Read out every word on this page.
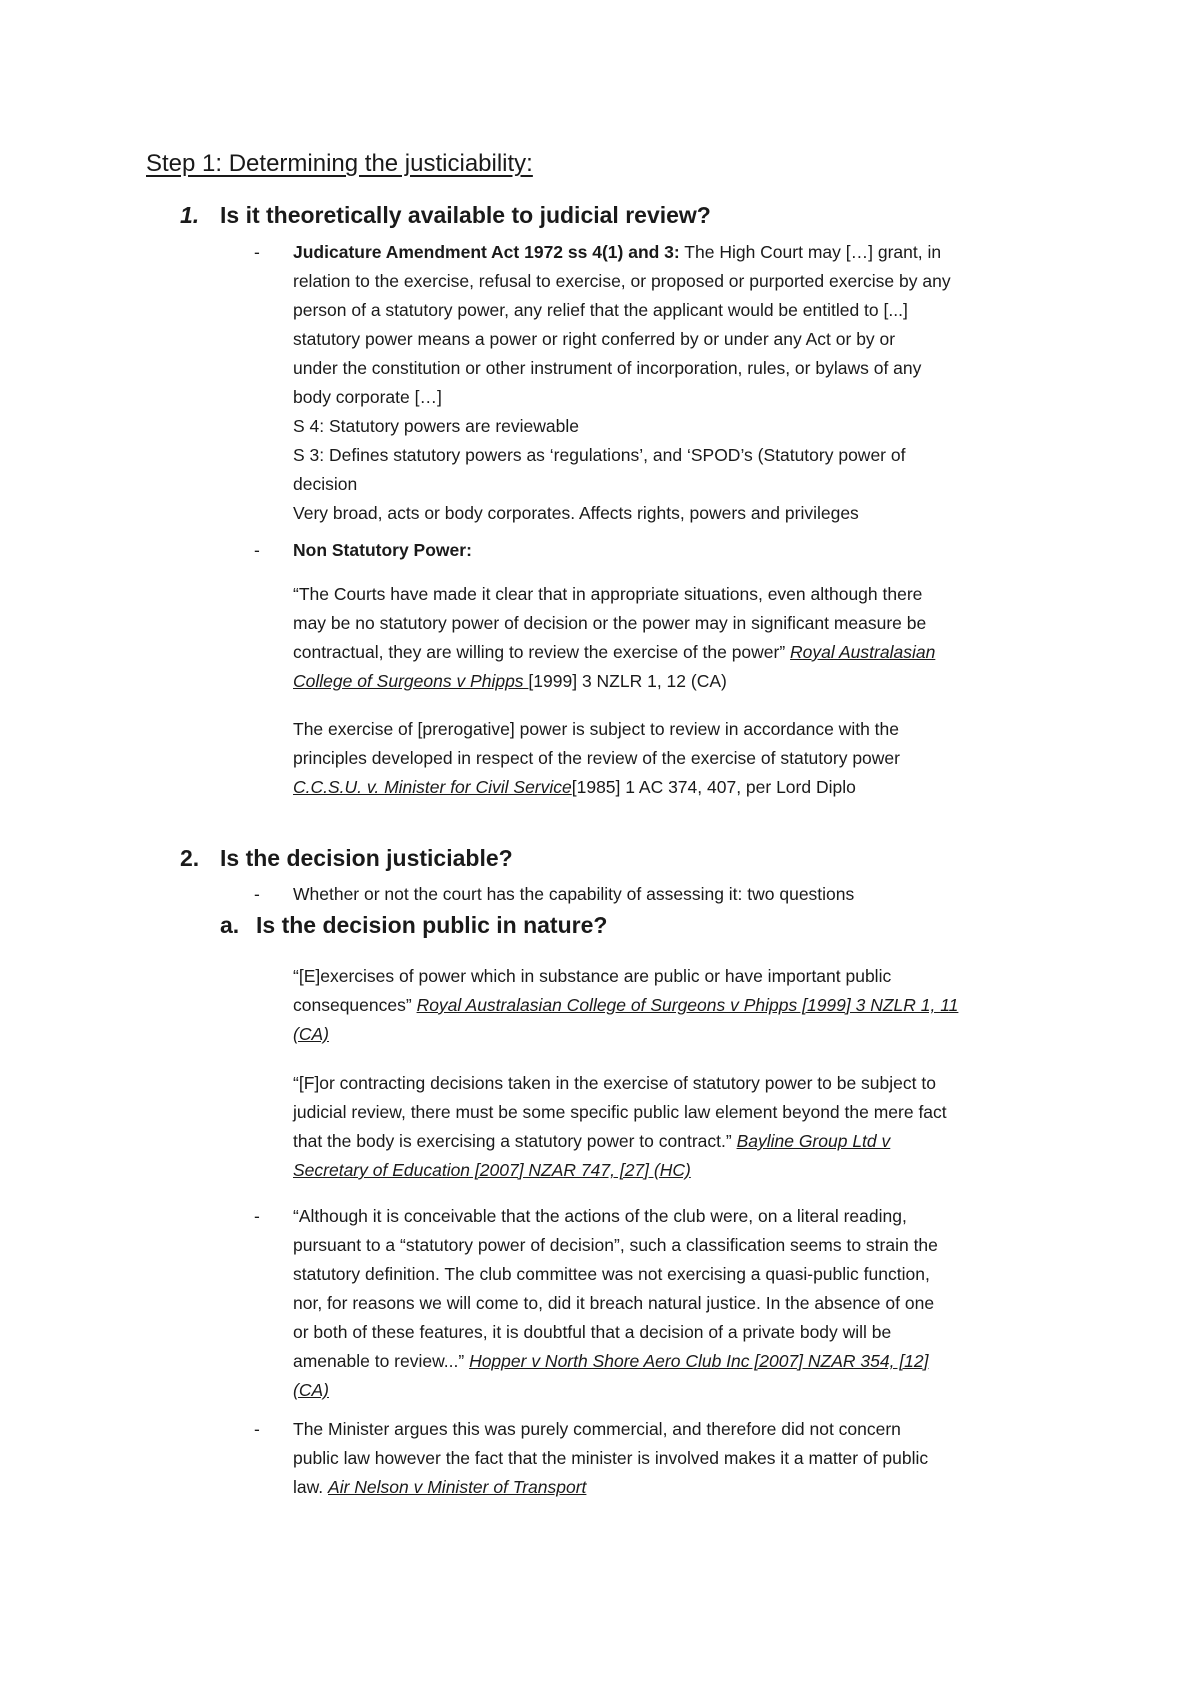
Step 1: Determining the justiciability:
1. Is it theoretically available to judicial review?
- Judicature Amendment Act 1972 ss 4(1) and 3: The High Court may […] grant, in
relation to the exercise, refusal to exercise, or proposed or purported exercise by any
person of a statutory power, any relief that the applicant would be entitled to [...]
statutory power means a power or right conferred by or under any Act or by or
under the constitution or other instrument of incorporation, rules, or bylaws of any
body corporate […]
S 4: Statutory powers are reviewable
S 3: Defines statutory powers as ‘regulations’, and ‘SPOD’s (Statutory power of
decision
Very broad, acts or body corporates. Affects rights, powers and privileges
- Non Statutory Power:
“The Courts have made it clear that in appropriate situations, even although there
may be no statutory power of decision or the power may in significant measure be
contractual, they are willing to review the exercise of the power” Royal Australasian
College of Surgeons v Phipps [1999] 3 NZLR 1, 12 (CA)
The exercise of [prerogative] power is subject to review in accordance with the
principles developed in respect of the review of the exercise of statutory power
C.C.S.U. v. Minister for Civil Service[1985] 1 AC 374, 407, per Lord Diplo
2. Is the decision justiciable?
- Whether or not the court has the capability of assessing it: two questions
a. Is the decision public in nature?
“[E]exercises of power which in substance are public or have important public
consequences” Royal Australasian College of Surgeons v Phipps [1999] 3 NZLR 1, 11
(CA)
“[F]or contracting decisions taken in the exercise of statutory power to be subject to
judicial review, there must be some specific public law element beyond the mere fact
that the body is exercising a statutory power to contract.” Bayline Group Ltd v
Secretary of Education [2007] NZAR 747, [27] (HC)
- “Although it is conceivable that the actions of the club were, on a literal reading,
pursuant to a “statutory power of decision”, such a classification seems to strain the
statutory definition. The club committee was not exercising a quasi-public function,
nor, for reasons we will come to, did it breach natural justice. In the absence of one
or both of these features, it is doubtful that a decision of a private body will be
amenable to review...” Hopper v North Shore Aero Club Inc [2007] NZAR 354, [12]
(CA)
- The Minister argues this was purely commercial, and therefore did not concern
public law however the fact that the minister is involved makes it a matter of public
law. Air Nelson v Minister of Transport
